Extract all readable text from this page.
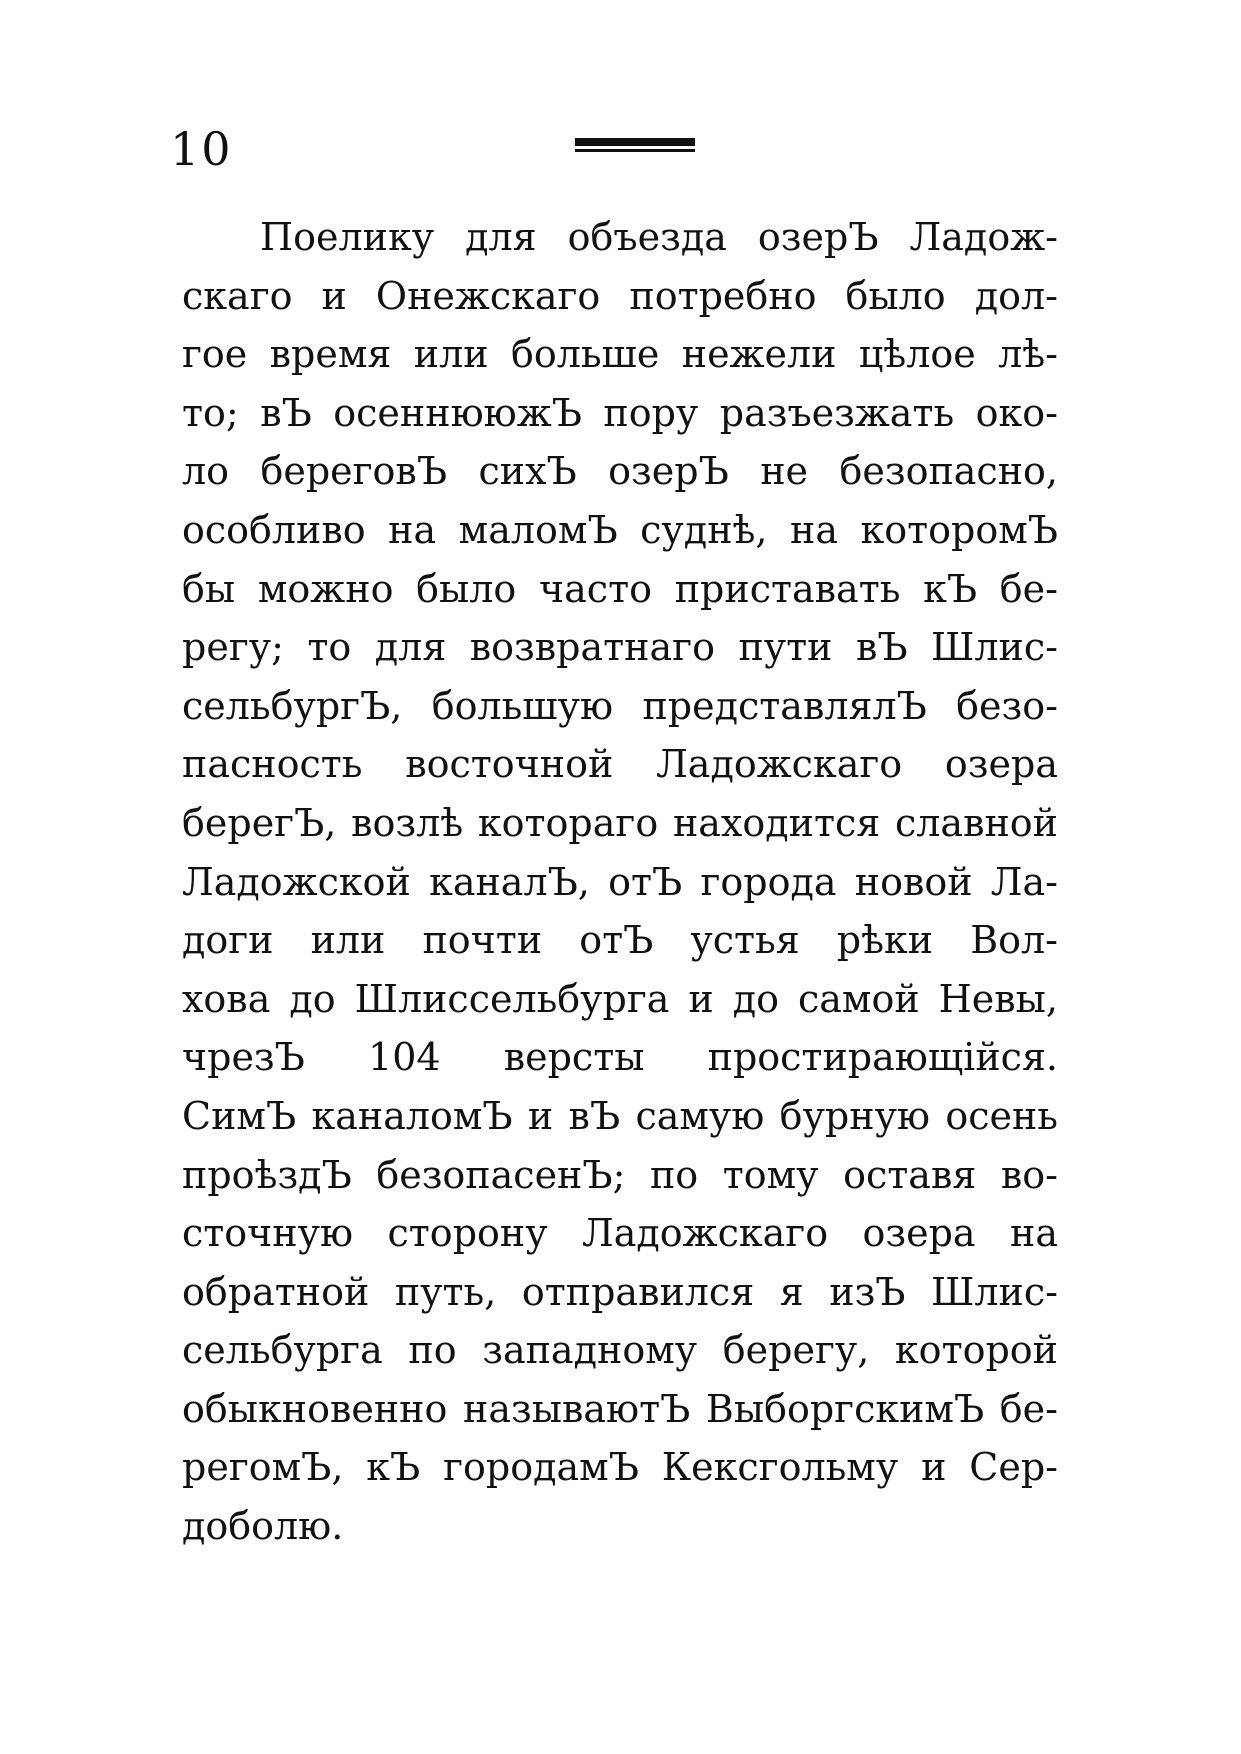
10
Поелику для объезда озерЪ Ладож-
скаго и Онежскаго потребно было дол-
гое время или больше нежели цѣлое лѣ-
то; вЪ осеннююжЪ пору разъезжать око-
ло береговЪ сихЪ озерЪ не безопасно,
особливо на маломЪ суднѣ, на которомЪ
бы можно было часто приставать кЪ бе-
регу; то для возвратнаго пути вЪ Шлис-
сельбургЪ, большую представлялЪ безо-
пасность восточной Ладожскаго озера
берегЪ, возлѣ котораго находится славной
Ладожской каналЪ, отЪ города новой Ла-
доги или почти отЪ устья рѣки Вол-
хова до Шлиссельбурга и до самой Невы,
чрезЪ 104 версты простирающійся.
СимЪ каналомЪ и вЪ самую бурную осень
проѣздЪ безопасенЪ; по тому оставя во-
сточную сторону Ладожскаго озера на
обратной путь, отправился я изЪ Шлис-
сельбурга по западному берегу, которой
обыкновенно называютЪ ВыборгскимЪ бе-
регомЪ, кЪ городамЪ Кексгольму и Сер-
доболю.
